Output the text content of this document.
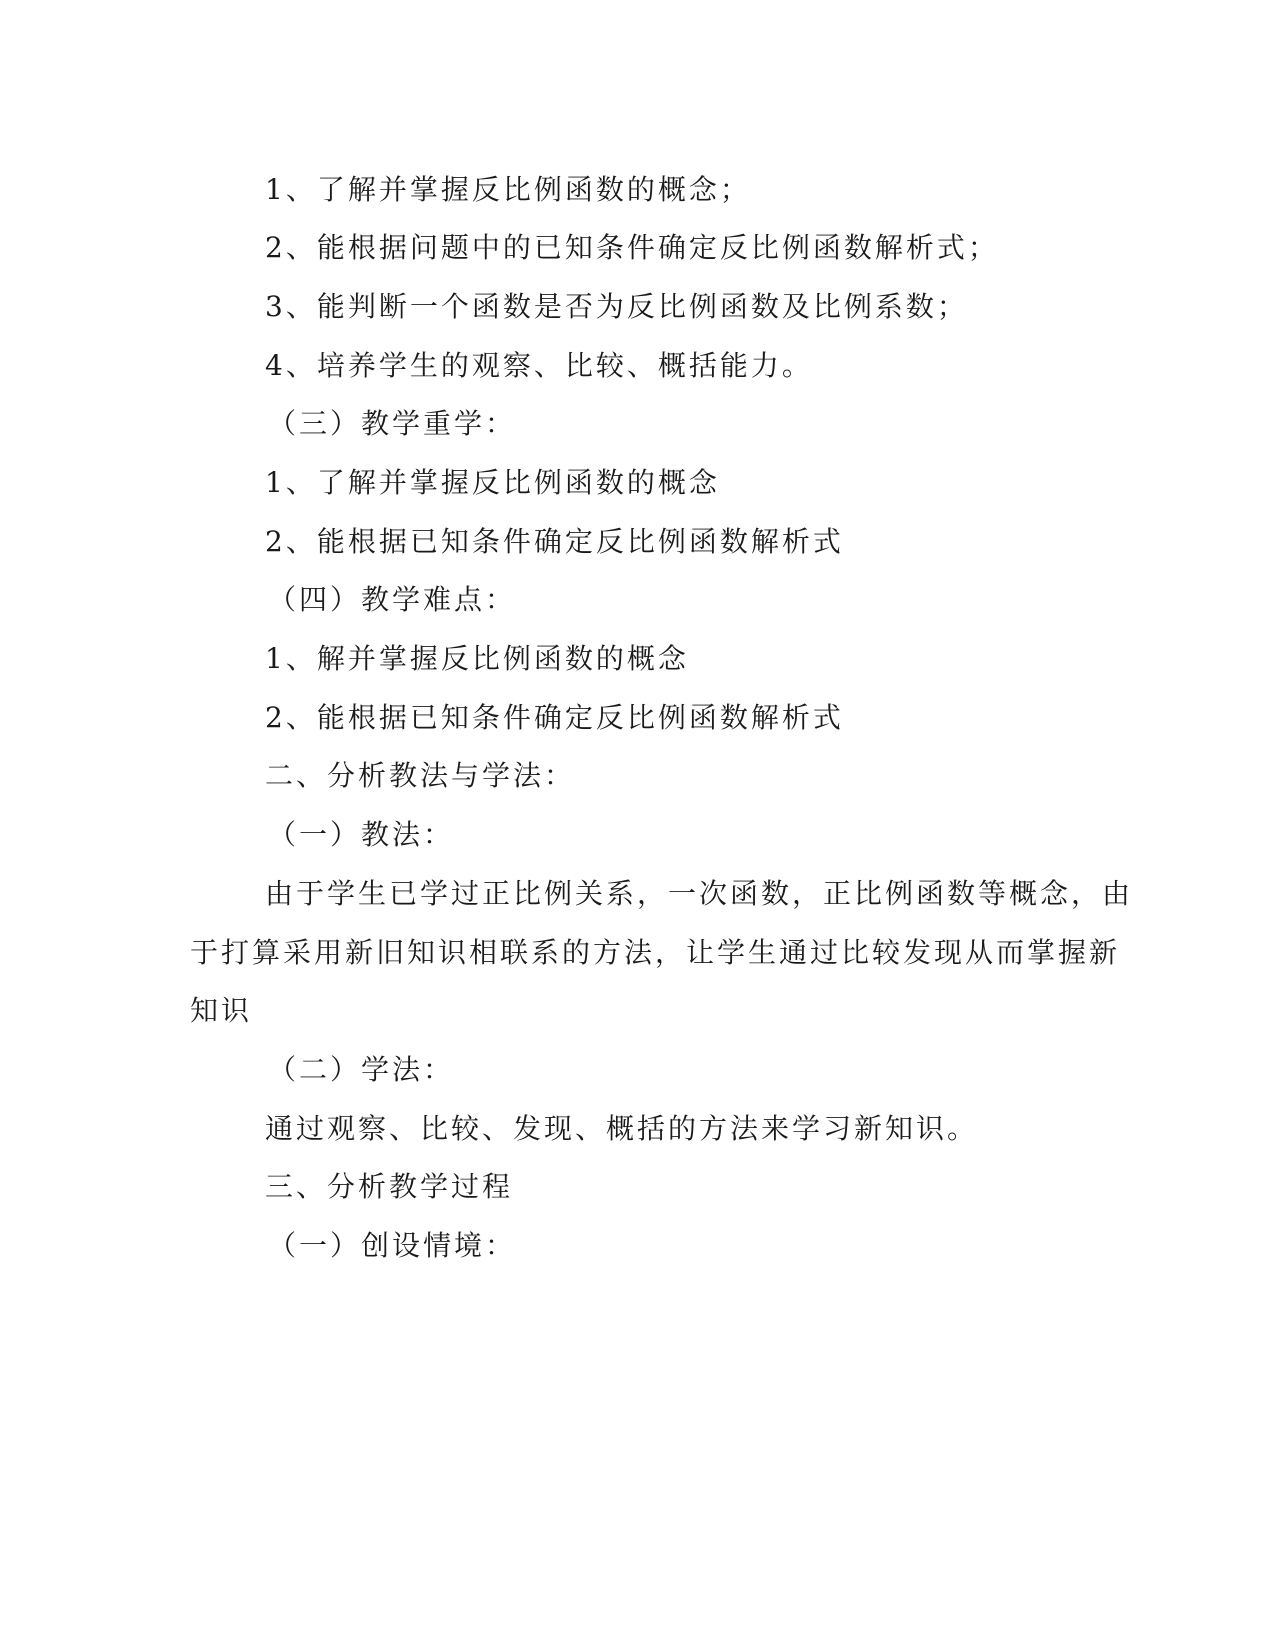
1、了解并掌握反比例函数的概念；
2、能根据问题中的已知条件确定反比例函数解析式；
3、能判断一个函数是否为反比例函数及比例系数；
4、培养学生的观察、比较、概括能力。
（三）教学重学：
1、了解并掌握反比例函数的概念
2、能根据已知条件确定反比例函数解析式
（四）教学难点：
1、解并掌握反比例函数的概念
2、能根据已知条件确定反比例函数解析式
二、分析教法与学法：
（一）教法：
由于学生已学过正比例关系，一次函数，正比例函数等概念，由
于打算采用新旧知识相联系的方法，让学生通过比较发现从而掌握新
知识
（二）学法：
通过观察、比较、发现、概括的方法来学习新知识。
三、分析教学过程
（一）创设情境：
